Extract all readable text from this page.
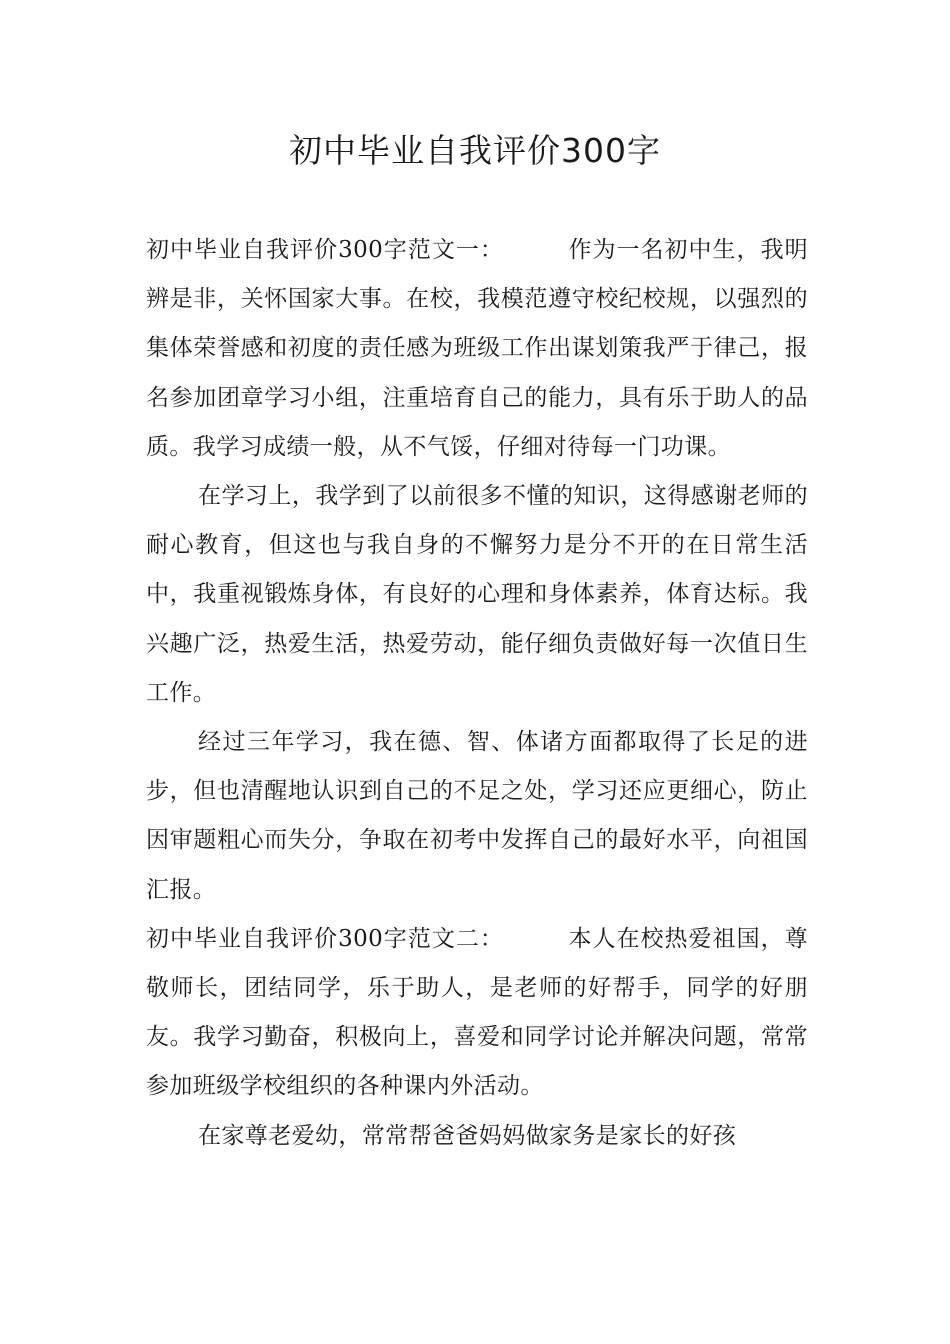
初中毕业自我评价300字

初中毕业自我评价300字范文一：	作为一名初中生，我明辨是非，关怀国家大事。在校，我模范遵守校纪校规，以强烈的集体荣誉感和初度的责任感为班级工作出谋划策我严于律己，报名参加团章学习小组，注重培育自己的能力，具有乐于助人的品质。我学习成绩一般，从不气馁，仔细对待每一门功课。

在学习上，我学到了以前很多不懂的知识，这得感谢老师的耐心教育，但这也与我自身的不懈努力是分不开的在日常生活中，我重视锻炼身体，有良好的心理和身体素养，体育达标。我兴趣广泛，热爱生活，热爱劳动，能仔细负责做好每一次值日生工作。

经过三年学习，我在德、智、体诸方面都取得了长足的进步，但也清醒地认识到自己的不足之处，学习还应更细心，防止因审题粗心而失分，争取在初考中发挥自己的最好水平，向祖国汇报。

初中毕业自我评价300字范文二：	本人在校热爱祖国，尊敬师长，团结同学，乐于助人，是老师的好帮手，同学的好朋友。我学习勤奋，积极向上，喜爱和同学讨论并解决问题，常常参加班级学校组织的各种课内外活动。

在家尊老爱幼，常常帮爸爸妈妈做家务是家长的好孩
